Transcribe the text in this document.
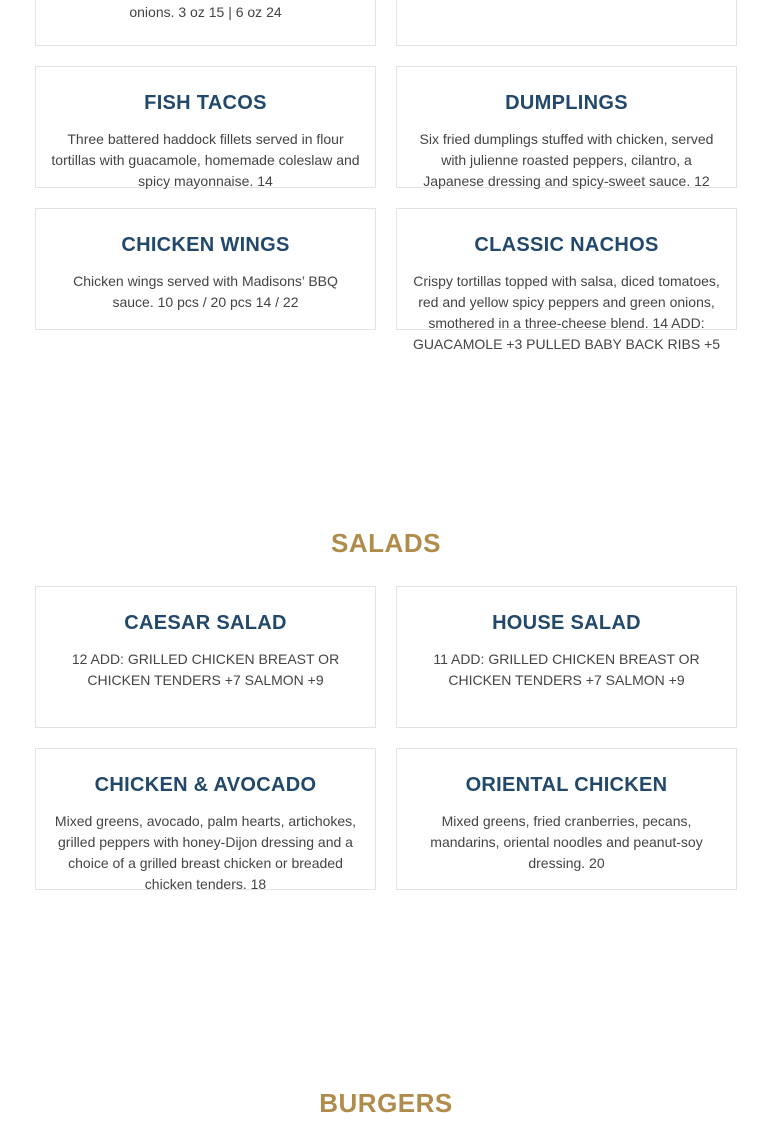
onions. 3 oz 15 | 6 oz 24

FISH TACOS

Three battered haddock fillets served in flour tortillas with guacamole, homemade coleslaw and spicy mayonnaise. 14

DUMPLINGS

Six fried dumplings stuffed with chicken, served with julienne roasted peppers, cilantro, a Japanese dressing and spicy-sweet sauce. 12

CHICKEN WINGS

Chicken wings served with Madisons’ BBQ sauce. 10 pcs / 20 pcs 14 / 22

CLASSIC NACHOS

Crispy tortillas topped with salsa, diced tomatoes, red and yellow spicy peppers and green onions, smothered in a three-cheese blend. 14 ADD: GUACAMOLE +3 PULLED BABY BACK RIBS +5

SALADS
CAESAR SALAD

12 ADD: GRILLED CHICKEN BREAST OR CHICKEN TENDERS +7 SALMON +9

HOUSE SALAD

11 ADD: GRILLED CHICKEN BREAST OR CHICKEN TENDERS +7 SALMON +9

CHICKEN & AVOCADO

Mixed greens, avocado, palm hearts, artichokes, grilled peppers with honey-Dijon dressing and a choice of a grilled breast chicken or breaded chicken tenders. 18

ORIENTAL CHICKEN

Mixed greens, fried cranberries, pecans, mandarins, oriental noodles and peanut-soy dressing. 20

BURGERS
